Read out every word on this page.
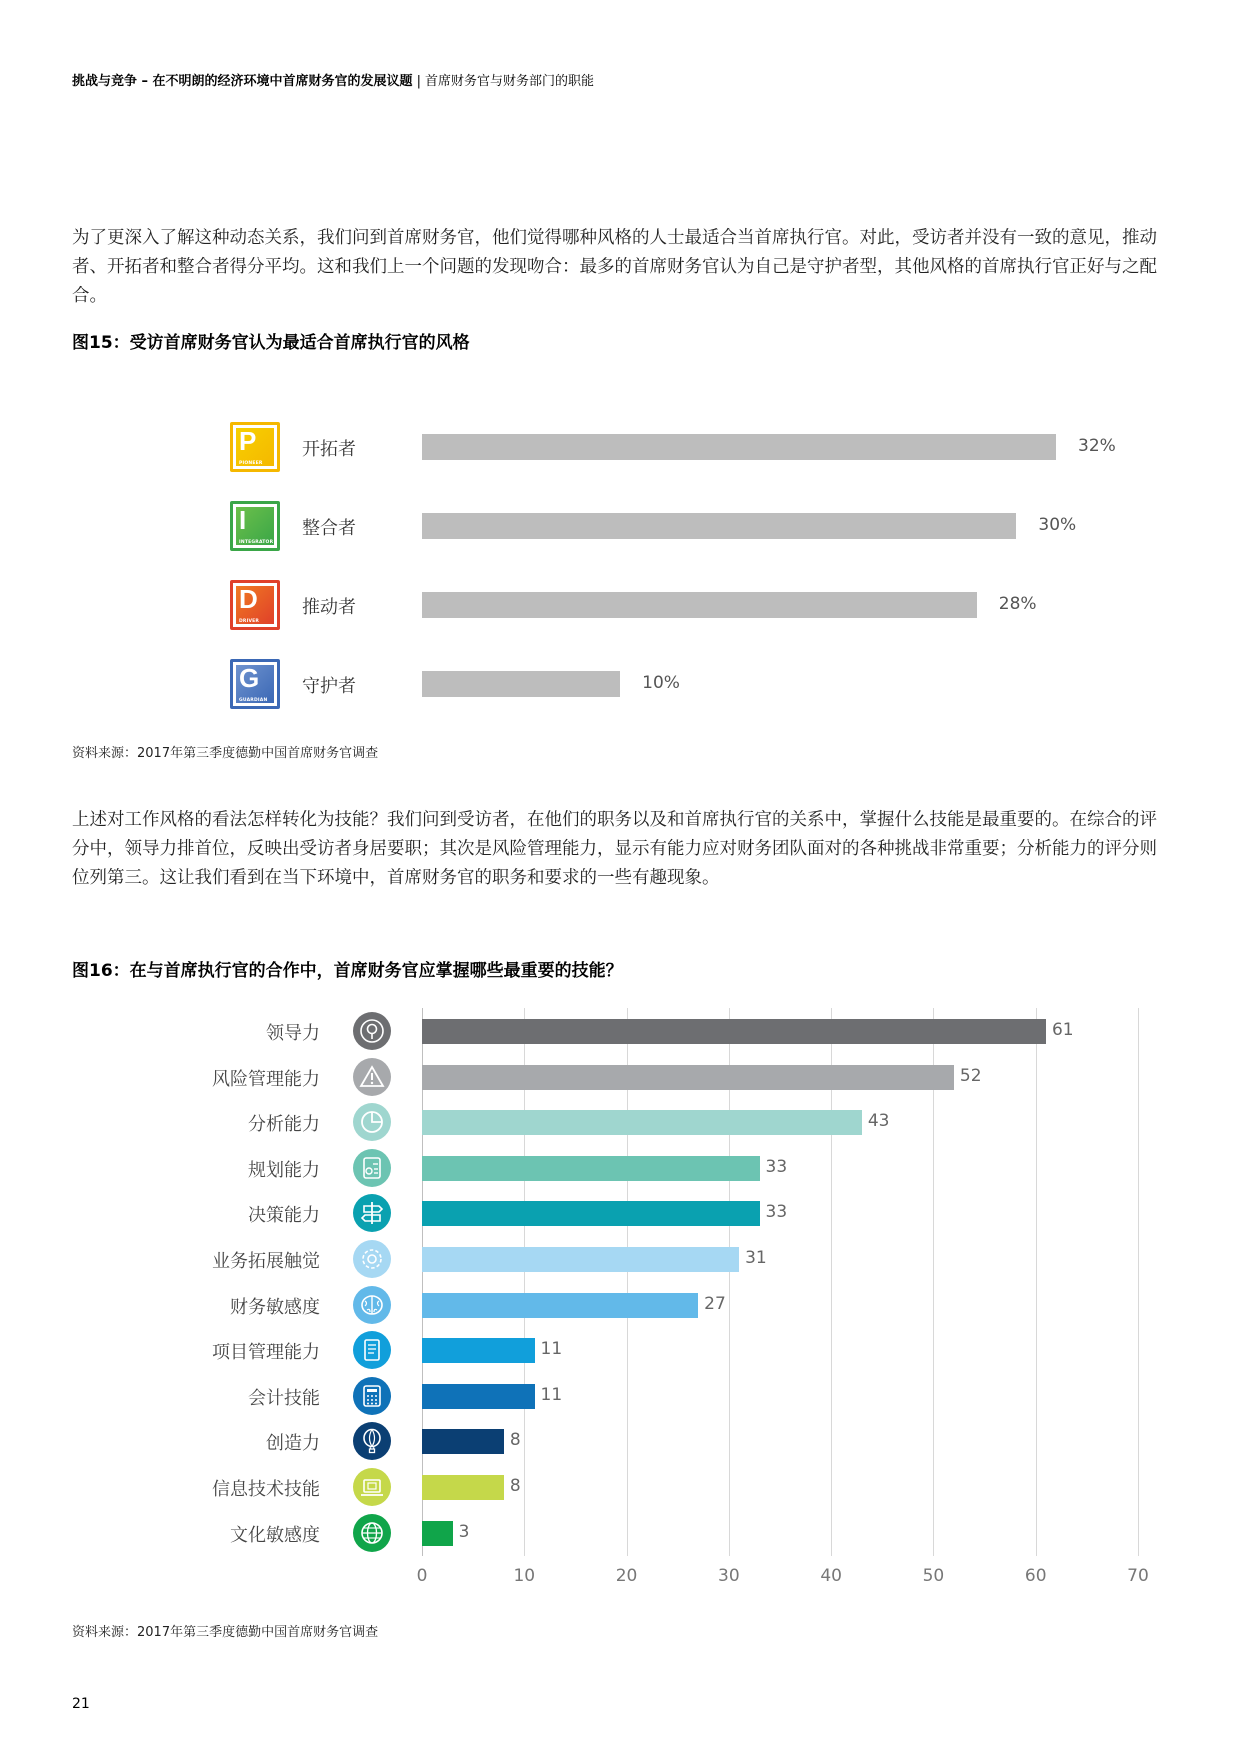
挑战与竞争 – 在不明朗的经济环境中首席财务官的发展议题 | 首席财务官与财务部门的职能
为了更深入了解这种动态关系，我们问到首席财务官，他们觉得哪种风格的人士最适合当首席执行官。对此，受访者并没有一致的意见，推动者、开拓者和整合者得分平均。这和我们上一个问题的发现吻合：最多的首席财务官认为自己是守护者型，其他风格的首席执行官正好与之配合。
图15：受访首席财务官认为最适合首席执行官的风格
P
PIONEER
开拓者	32%
I
INTEGRATOR
整合者	30%
D
DRIVER
推动者	28%
G
GUARDIAN
守护者	10%
资料来源：2017年第三季度德勤中国首席财务官调查
上述对工作风格的看法怎样转化为技能？我们问到受访者，在他们的职务以及和首席执行官的关系中，掌握什么技能是最重要的。在综合的评分中，领导力排首位，反映出受访者身居要职；其次是风险管理能力，显示有能力应对财务团队面对的各种挑战非常重要；分析能力的评分则位列第三。这让我们看到在当下环境中，首席财务官的职务和要求的一些有趣现象。
图16：在与首席执行官的合作中，首席财务官应掌握哪些最重要的技能？
0	10	20	30	40	50	60	70
领导力	61
风险管理能力	52
分析能力	43
规划能力	33
决策能力	33
业务拓展触觉	31
财务敏感度	27
项目管理能力	11
会计技能	11
创造力	8
信息技术技能	8
文化敏感度	3
资料来源：2017年第三季度德勤中国首席财务官调查
21
